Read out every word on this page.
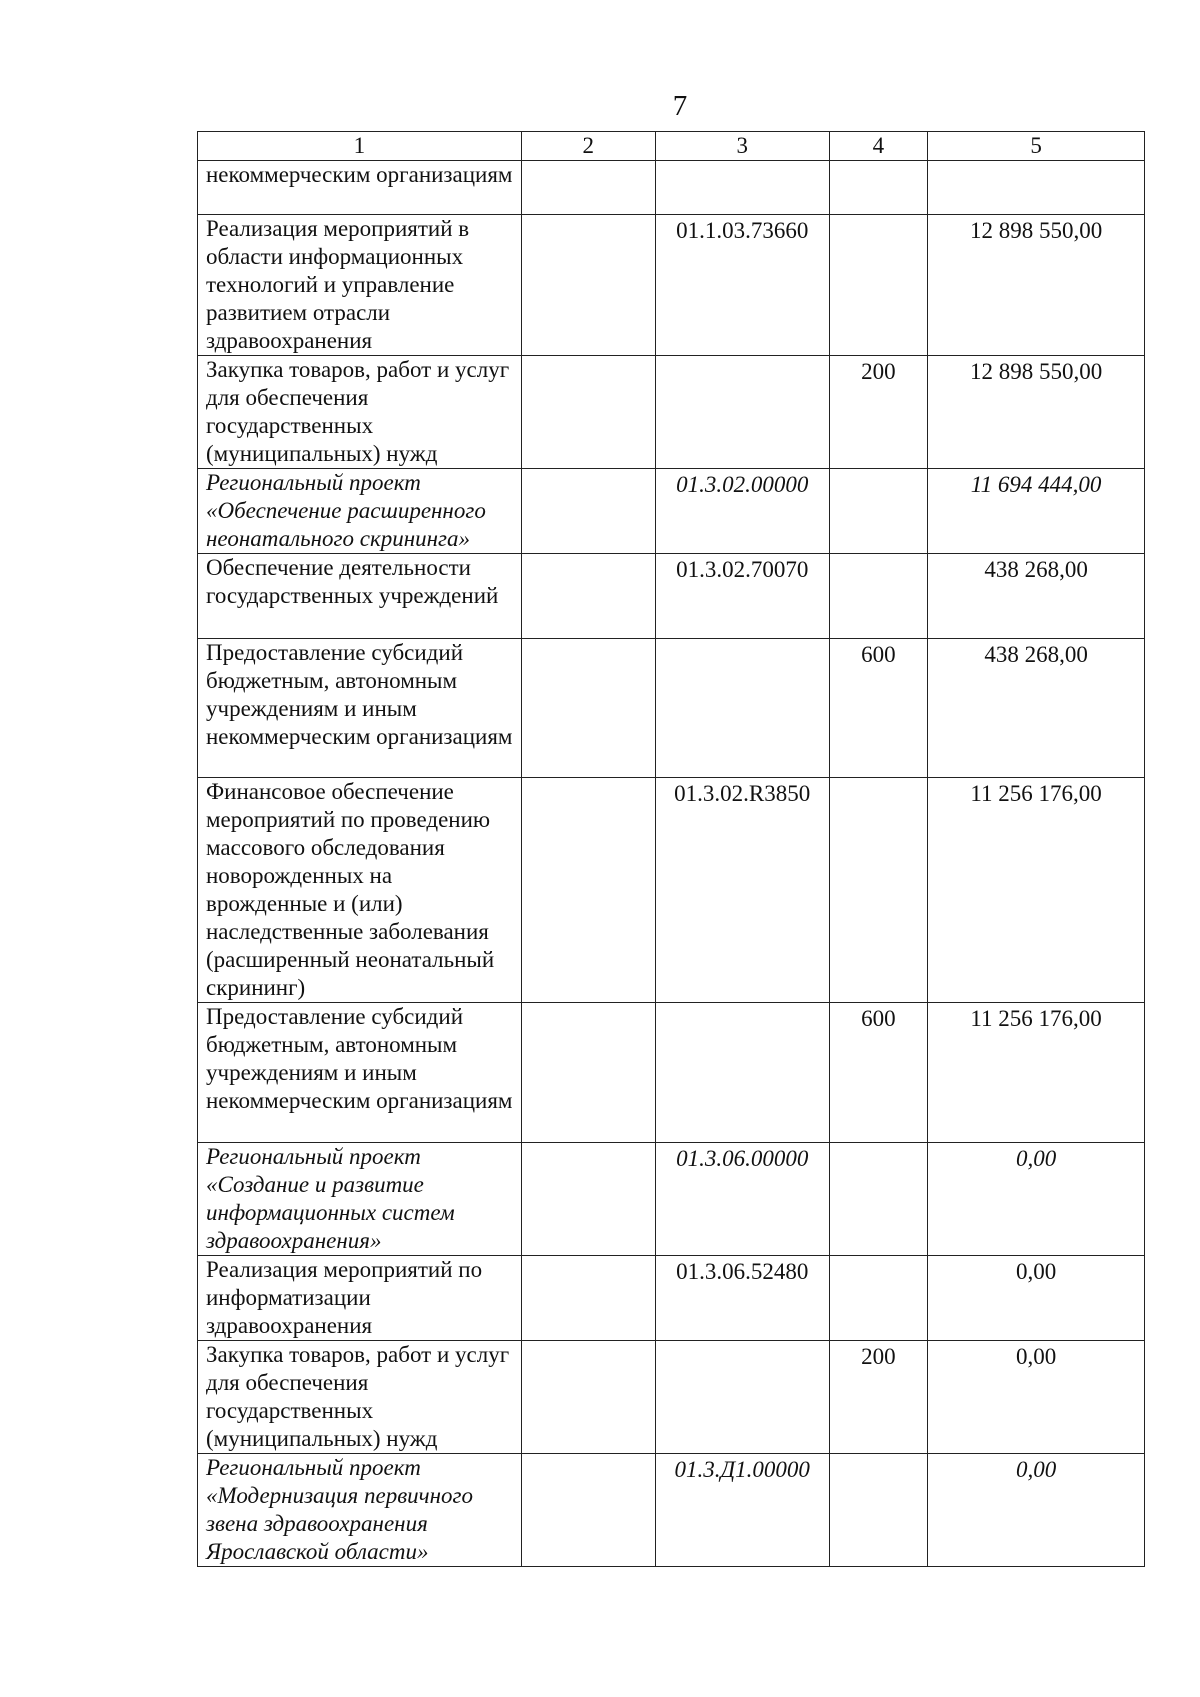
7
1	2	3	4	5
некоммерческим организациям				
Реализация мероприятий в области информационных технологий и управление развитием отрасли здравоохранения		01.1.03.73660		12 898 550,00
Закупка товаров, работ и услуг для обеспечения государственных (муниципальных) нужд			200	12 898 550,00
Региональный проект «Обеспечение расширенного неонатального скрининга»		01.3.02.00000		11 694 444,00
Обеспечение деятельности государственных учреждений		01.3.02.70070		438 268,00
Предоставление субсидий бюджетным, автономным учреждениям и иным некоммерческим организациям			600	438 268,00
Финансовое обеспечение мероприятий по проведению массового обследования новорожденных на врожденные и (или) наследственные заболевания (расширенный неонатальный скрининг)		01.3.02.R3850		11 256 176,00
Предоставление субсидий бюджетным, автономным учреждениям и иным некоммерческим организациям			600	11 256 176,00
Региональный проект «Создание и развитие информационных систем здравоохранения»		01.3.06.00000		0,00
Реализация мероприятий по информатизации здравоохранения		01.3.06.52480		0,00
Закупка товаров, работ и услуг для обеспечения государственных (муниципальных) нужд			200	0,00
Региональный проект «Модернизация первичного звена здравоохранения Ярославской области»		01.3.Д1.00000		0,00
